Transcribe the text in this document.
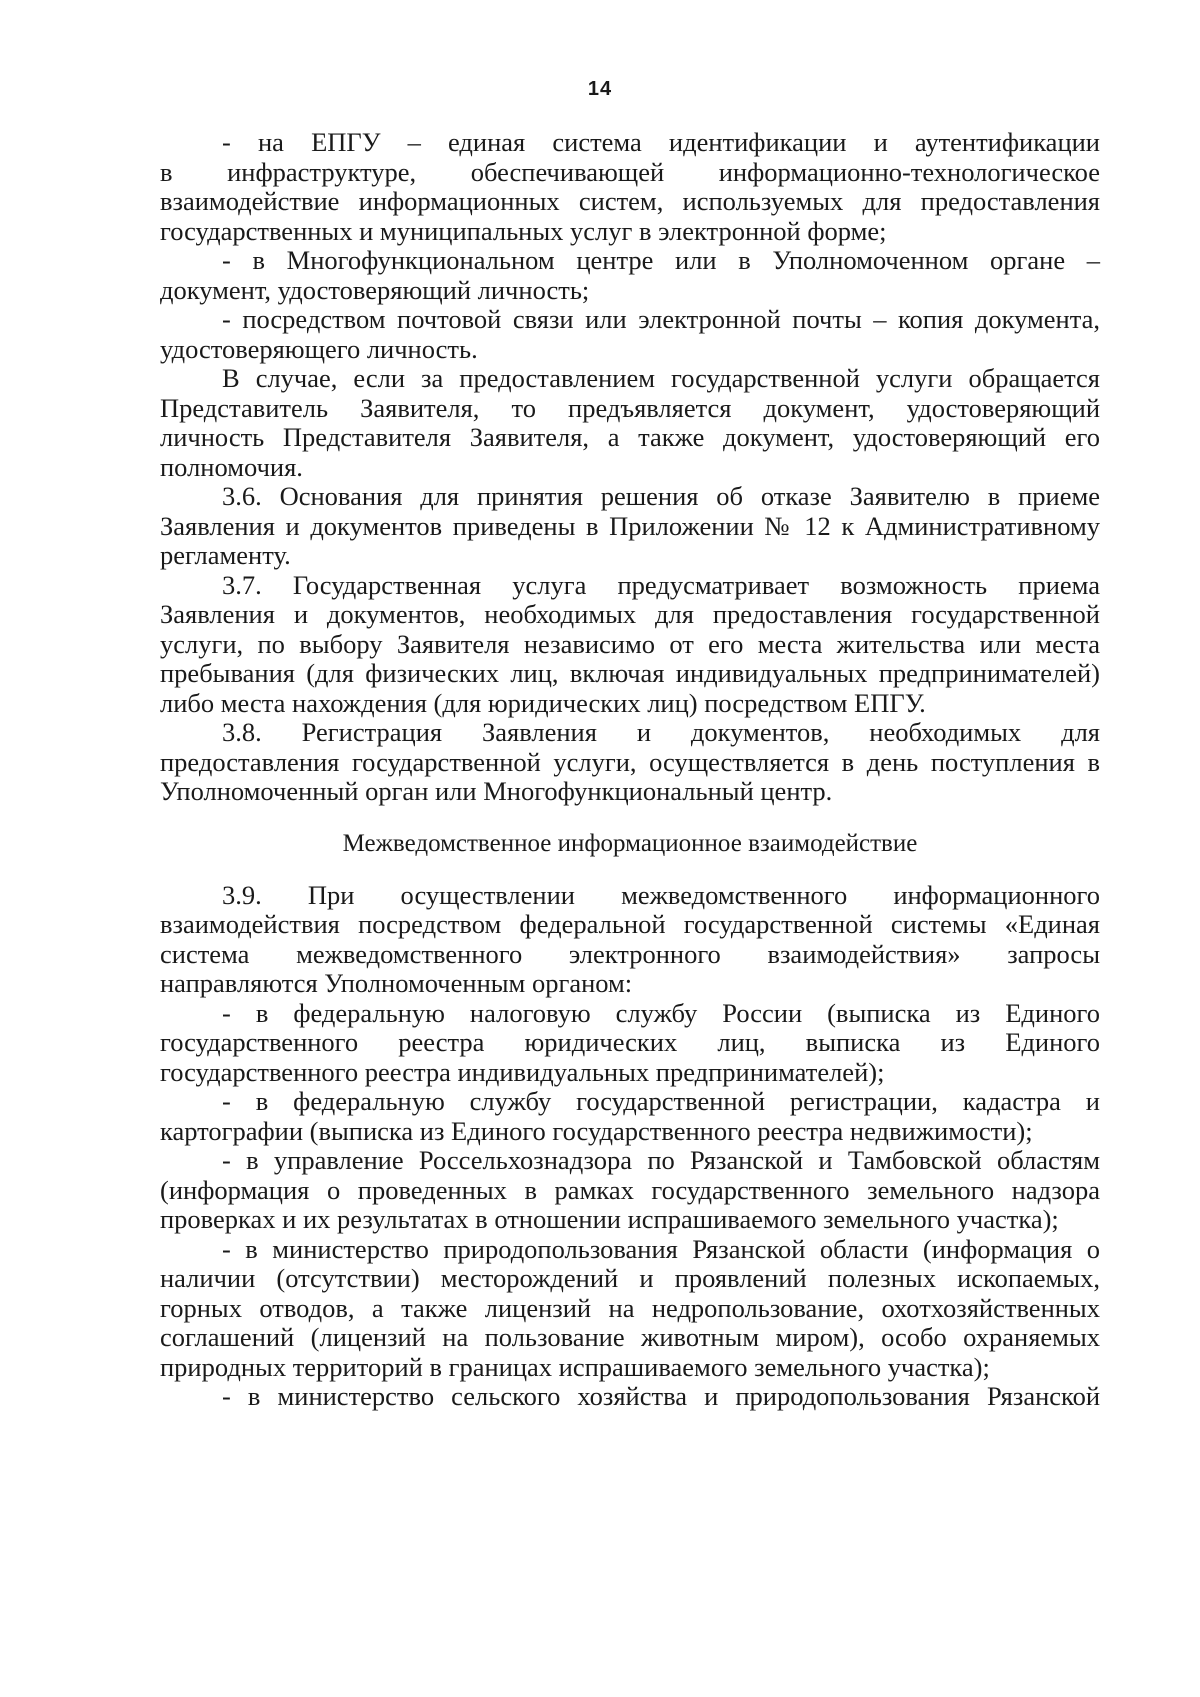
14
- на ЕПГУ – единая система идентификации и аутентификации
в инфраструктуре, обеспечивающей информационно-технологическое
взаимодействие информационных систем, используемых для предоставления
государственных и муниципальных услуг в электронной форме;
- в Многофункциональном центре или в Уполномоченном органе –
документ, удостоверяющий личность;
- посредством почтовой связи или электронной почты – копия документа,
удостоверяющего личность.
В случае, если за предоставлением государственной услуги обращается
Представитель Заявителя, то предъявляется документ, удостоверяющий
личность Представителя Заявителя, а также документ, удостоверяющий его
полномочия.
3.6. Основания для принятия решения об отказе Заявителю в приеме
Заявления и документов приведены в Приложении № 12 к Административному
регламенту.
3.7. Государственная услуга предусматривает возможность приема
Заявления и документов, необходимых для предоставления государственной
услуги, по выбору Заявителя независимо от его места жительства или места
пребывания (для физических лиц, включая индивидуальных предпринимателей)
либо места нахождения (для юридических лиц) посредством ЕПГУ.
3.8. Регистрация Заявления и документов, необходимых для
предоставления государственной услуги, осуществляется в день поступления в
Уполномоченный орган или Многофункциональный центр.
Межведомственное информационное взаимодействие
3.9. При осуществлении межведомственного информационного
взаимодействия посредством федеральной государственной системы «Единая
система межведомственного электронного взаимодействия» запросы
направляются Уполномоченным органом:
- в федеральную налоговую службу России (выписка из Единого
государственного реестра юридических лиц, выписка из Единого
государственного реестра индивидуальных предпринимателей);
- в федеральную службу государственной регистрации, кадастра и
картографии (выписка из Единого государственного реестра недвижимости);
- в управление Россельхознадзора по Рязанской и Тамбовской областям
(информация о проведенных в рамках государственного земельного надзора
проверках и их результатах в отношении испрашиваемого земельного участка);
- в министерство природопользования Рязанской области (информация о
наличии (отсутствии) месторождений и проявлений полезных ископаемых,
горных отводов, а также лицензий на недропользование, охотхозяйственных
соглашений (лицензий на пользование животным миром), особо охраняемых
природных территорий в границах испрашиваемого земельного участка);
- в министерство сельского хозяйства и природопользования Рязанской
